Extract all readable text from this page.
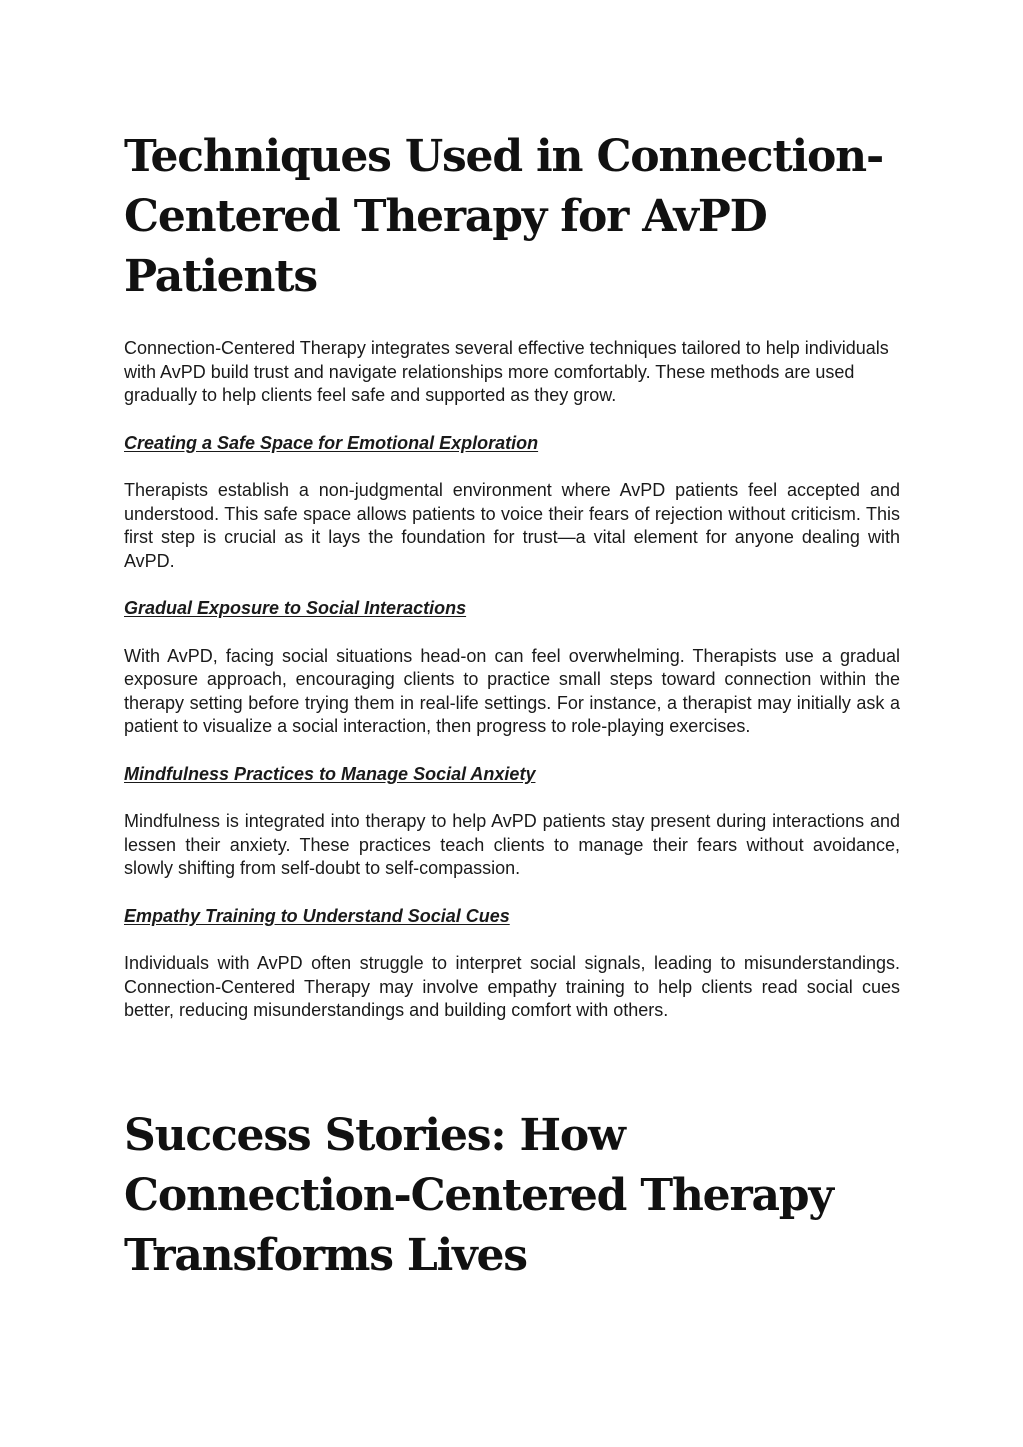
Techniques Used in Connection-Centered Therapy for AvPD Patients

Connection-Centered Therapy integrates several effective techniques tailored to help individuals with AvPD build trust and navigate relationships more comfortably. These methods are used gradually to help clients feel safe and supported as they grow.

Creating a Safe Space for Emotional Exploration

Therapists establish a non-judgmental environment where AvPD patients feel accepted and understood. This safe space allows patients to voice their fears of rejection without criticism. This first step is crucial as it lays the foundation for trust—a vital element for anyone dealing with AvPD.

Gradual Exposure to Social Interactions

With AvPD, facing social situations head-on can feel overwhelming. Therapists use a gradual exposure approach, encouraging clients to practice small steps toward connection within the therapy setting before trying them in real-life settings. For instance, a therapist may initially ask a patient to visualize a social interaction, then progress to role-playing exercises.

Mindfulness Practices to Manage Social Anxiety

Mindfulness is integrated into therapy to help AvPD patients stay present during interactions and lessen their anxiety. These practices teach clients to manage their fears without avoidance, slowly shifting from self-doubt to self-compassion.

Empathy Training to Understand Social Cues

Individuals with AvPD often struggle to interpret social signals, leading to misunderstandings. Connection-Centered Therapy may involve empathy training to help clients read social cues better, reducing misunderstandings and building comfort with others.

Success Stories: How Connection-Centered Therapy Transforms Lives
